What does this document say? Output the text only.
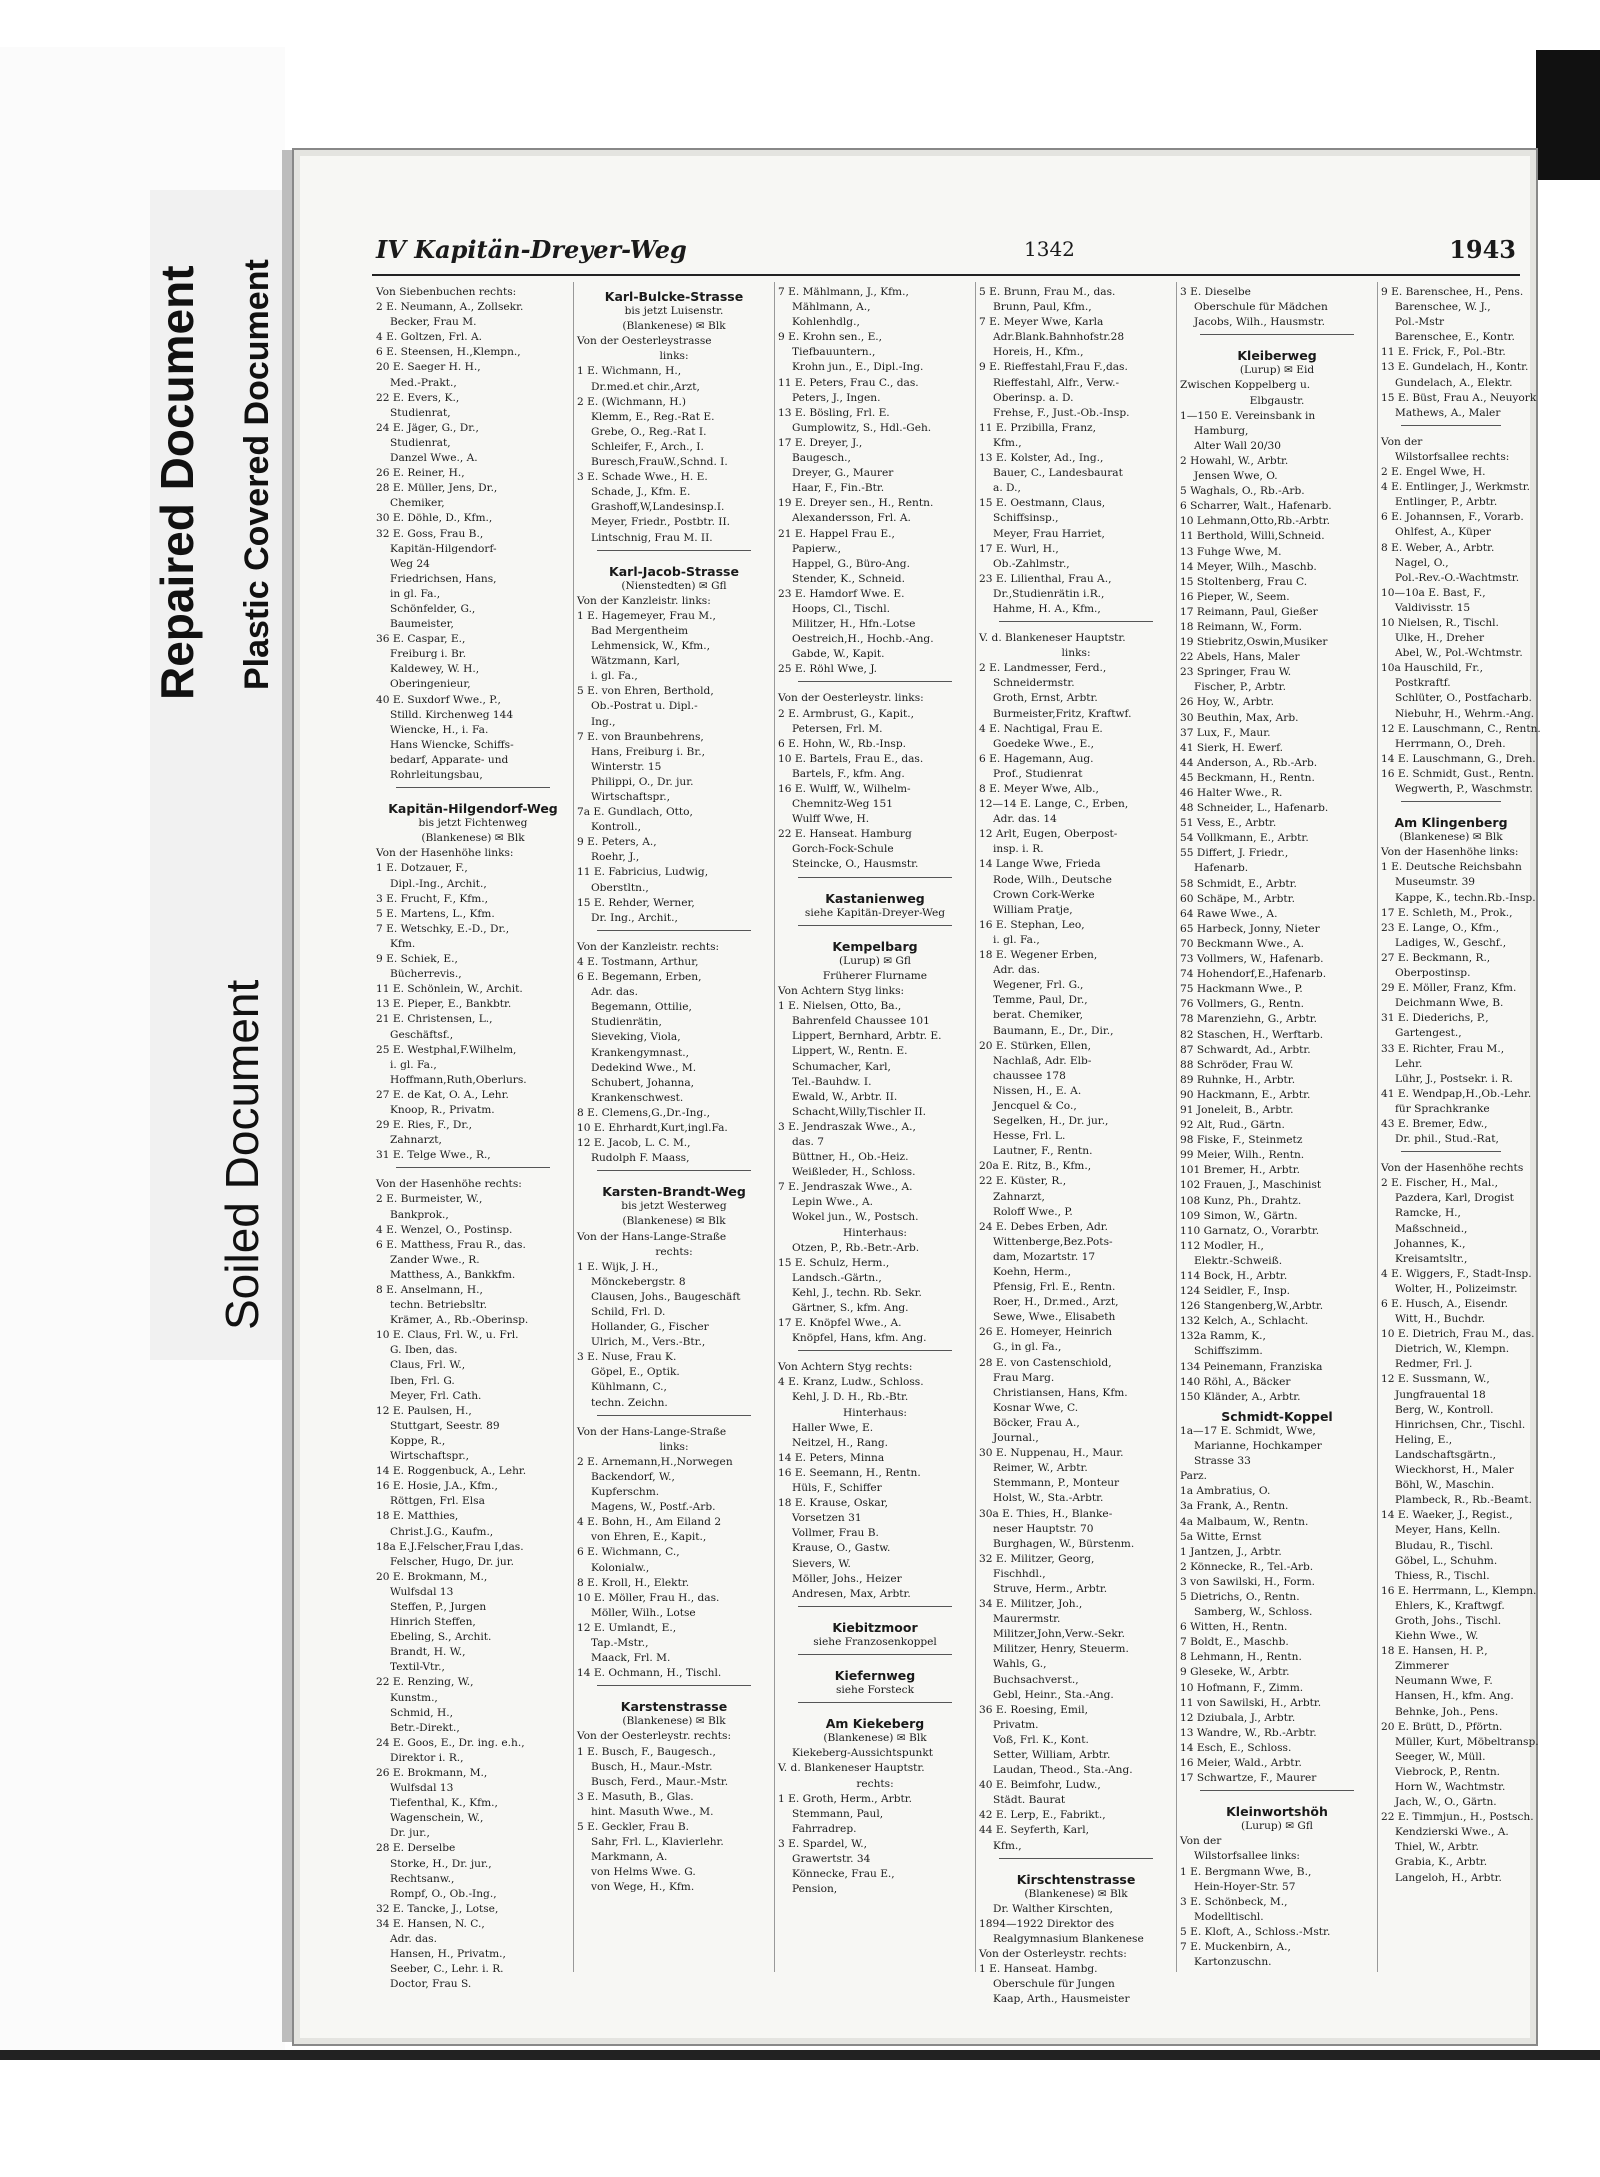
Repaired Document Plastic Covered Document
Soiled Document
IV Kapitän-Dreyer-Weg	1342	1943

Von Siebenbuchen rechts:

2 E. Neumann, A., Zollsekr.

Becker, Frau M.

4 E. Goltzen, Frl. A.

6 E. Steensen, H.,Klempn.,

20 E. Saeger H. H.,

Med.-Prakt.,

22 E. Evers, K.,

Studienrat,

24 E. Jäger, G., Dr.,

Studienrat,

Danzel Wwe., A.

26 E. Reiner, H.,

28 E. Müller, Jens, Dr.,

Chemiker,

30 E. Döhle, D., Kfm.,

32 E. Goss, Frau B.,

Kapitän-Hilgendorf-

Weg 24

Friedrichsen, Hans,

in gl. Fa.,

Schönfelder, G.,

Baumeister,

36 E. Caspar, E.,

Freiburg i. Br.

Kaldewey, W. H.,

Oberingenieur,

40 E. Suxdorf Wwe., P.,

Stilld. Kirchenweg 144

Wiencke, H., i. Fa.

Hans Wiencke, Schiffs-

bedarf, Apparate- und

Rohrleitungsbau,

Kapitän-Hilgendorf-Weg

bis jetzt Fichtenweg

(Blankenese) ✉ Blk

Von der Hasenhöhe links:

1 E. Dotzauer, F.,

Dipl.-Ing., Archit.,

3 E. Frucht, F., Kfm.,

5 E. Martens, L., Kfm.

7 E. Wetschky, E.-D., Dr.,

Kfm.

9 E. Schiek, E.,

Bücherrevis.,

11 E. Schönlein, W., Archit.

13 E. Pieper, E., Bankbtr.

21 E. Christensen, L.,

Geschäftsf.,

25 E. Westphal,F.Wilhelm,

i. gl. Fa.,

Hoffmann,Ruth,Oberlurs.

27 E. de Kat, O. A., Lehr.

Knoop, R., Privatm.

29 E. Ries, F., Dr.,

Zahnarzt,

31 E. Telge Wwe., R.,

Von der Hasenhöhe rechts:

2 E. Burmeister, W.,

Bankprok.,

4 E. Wenzel, O., Postinsp.

6 E. Matthess, Frau R., das.

Zander Wwe., R.

Matthess, A., Bankkfm.

8 E. Anselmann, H.,

techn. Betriebsltr.

Krämer, A., Rb.-Oberinsp.

10 E. Claus, Frl. W., u. Frl.

G. Iben, das.

Claus, Frl. W.,

Iben, Frl. G.

Meyer, Frl. Cath.

12 E. Paulsen, H.,

Stuttgart, Seestr. 89

Koppe, R.,

Wirtschaftspr.,

14 E. Roggenbuck, A., Lehr.

16 E. Hosie, J.A., Kfm.,

Röttgen, Frl. Elsa

18 E. Matthies,

Christ.J.G., Kaufm.,

18a E.J.Felscher,Frau I,das.

Felscher, Hugo, Dr. jur.

20 E. Brokmann, M.,

Wulfsdal 13

Steffen, P., Jurgen

Hinrich Steffen,

Ebeling, S., Archit.

Brandt, H. W.,

Textil-Vtr.,

22 E. Renzing, W.,

Kunstm.,

Schmid, H.,

Betr.-Direkt.,

24 E. Goos, E., Dr. ing. e.h.,

Direktor i. R.,

26 E. Brokmann, M.,

Wulfsdal 13

Tiefenthal, K., Kfm.,

Wagenschein, W.,

Dr. jur.,

28 E. Derselbe

Storke, H., Dr. jur.,

Rechtsanw.,

Rompf, O., Ob.-Ing.,

32 E. Tancke, J., Lotse,

34 E. Hansen, N. C.,

Adr. das.

Hansen, H., Privatm.,

Seeber, C., Lehr. i. R.

Doctor, Frau S.

Karl-Bulcke-Strasse

bis jetzt Luisenstr.

(Blankenese) ✉ Blk

Von der Oesterleystrasse

links:

1 E. Wichmann, H.,

Dr.med.et chir.,Arzt,

2 E. (Wichmann, H.)

Klemm, E., Reg.-Rat E.

Grebe, O., Reg.-Rat I.

Schleifer, F., Arch., I.

Buresch,FrauW.,Schnd. I.

3 E. Schade Wwe., H. E.

Schade, J., Kfm. E.

Grashoff,W,Landesinsp.I.

Meyer, Friedr., Postbtr. II.

Lintschnig, Frau M. II.

Karl-Jacob-Strasse

(Nienstedten) ✉ Gfl

Von der Kanzleistr. links:

1 E. Hagemeyer, Frau M.,

Bad Mergentheim

Lehmensick, W., Kfm.,

Wätzmann, Karl,

i. gl. Fa.,

5 E. von Ehren, Berthold,

Ob.-Postrat u. Dipl.-

Ing.,

7 E. von Braunbehrens,

Hans, Freiburg i. Br.,

Winterstr. 15

Philippi, O., Dr. jur.

Wirtschaftspr.,

7a E. Gundlach, Otto,

Kontroll.,

9 E. Peters, A.,

Roehr, J.,

11 E. Fabricius, Ludwig,

Oberstltn.,

15 E. Rehder, Werner,

Dr. Ing., Archit.,

Von der Kanzleistr. rechts:

4 E. Tostmann, Arthur,

6 E. Begemann, Erben,

Adr. das.

Begemann, Ottilie,

Studienrätin,

Sieveking, Viola,

Krankengymnast.,

Dedekind Wwe., M.

Schubert, Johanna,

Krankenschwest.

8 E. Clemens,G.,Dr.-Ing.,

10 E. Ehrhardt,Kurt,ingl.Fa.

12 E. Jacob, L. C. M.,

Rudolph F. Maass,

Karsten-Brandt-Weg

bis jetzt Westerweg

(Blankenese) ✉ Blk

Von der Hans-Lange-Straße

rechts:

1 E. Wijk, J. H.,

Mönckebergstr. 8

Clausen, Johs., Baugeschäft

Schild, Frl. D.

Hollander, G., Fischer

Ulrich, M., Vers.-Btr.,

3 E. Nuse, Frau K.

Göpel, E., Optik.

Kühlmann, C.,

techn. Zeichn.

Von der Hans-Lange-Straße

links:

2 E. Arnemann,H.,Norwegen

Backendorf, W.,

Kupferschm.

Magens, W., Postf.-Arb.

4 E. Bohn, H., Am Eiland 2

von Ehren, E., Kapit.,

6 E. Wichmann, C.,

Kolonialw.,

8 E. Kroll, H., Elektr.

10 E. Möller, Frau H., das.

Möller, Wilh., Lotse

12 E. Umlandt, E.,

Tap.-Mstr.,

Maack, Frl. M.

14 E. Ochmann, H., Tischl.

Karstenstrasse

(Blankenese) ✉ Blk

Von der Oesterleystr. rechts:

1 E. Busch, F., Baugesch.,

Busch, H., Maur.-Mstr.

Busch, Ferd., Maur.-Mstr.

3 E. Masuth, B., Glas.

hint. Masuth Wwe., M.

5 E. Geckler, Frau B.

Sahr, Frl. L., Klavierlehr.

Markmann, A.

von Helms Wwe. G.

von Wege, H., Kfm.

7 E. Mählmann, J., Kfm.,

Mählmann, A.,

Kohlenhdlg.,

9 E. Krohn sen., E.,

Tiefbauuntern.,

Krohn jun., E., Dipl.-Ing.

11 E. Peters, Frau C., das.

Peters, J., Ingen.

13 E. Bösling, Frl. E.

Gumplowitz, S., Hdl.-Geh.

17 E. Dreyer, J.,

Baugesch.,

Dreyer, G., Maurer

Haar, F., Fin.-Btr.

19 E. Dreyer sen., H., Rentn.

Alexandersson, Frl. A.

21 E. Happel Frau E.,

Papierw.,

Happel, G., Büro-Ang.

Stender, K., Schneid.

23 E. Hamdorf Wwe. E.

Hoops, Cl., Tischl.

Militzer, H., Hfn.-Lotse

Oestreich,H., Hochb.-Ang.

Gabde, W., Kapit.

25 E. Röhl Wwe, J.

Von der Oesterleystr. links:

2 E. Armbrust, G., Kapit.,

Petersen, Frl. M.

6 E. Hohn, W., Rb.-Insp.

10 E. Bartels, Frau E., das.

Bartels, F., kfm. Ang.

16 E. Wulff, W., Wilhelm-

Chemnitz-Weg 151

Wulff Wwe, H.

22 E. Hanseat. Hamburg

Gorch-Fock-Schule

Steincke, O., Hausmstr.

Kastanienweg

siehe Kapitän-Dreyer-Weg

Kempelbarg

(Lurup) ✉ Gfl

Früherer Flurname

Von Achtern Styg links:

1 E. Nielsen, Otto, Ba.,

Bahrenfeld Chaussee 101

Lippert, Bernhard, Arbtr. E.

Lippert, W., Rentn. E.

Schumacher, Karl,

Tel.-Bauhdw. I.

Ewald, W., Arbtr. II.

Schacht,Willy,Tischler II.

3 E. Jendraszak Wwe., A.,

das. 7

Büttner, H., Ob.-Heiz.

Weißleder, H., Schloss.

7 E. Jendraszak Wwe., A.

Lepin Wwe., A.

Wokel jun., W., Postsch.

Hinterhaus:

Otzen, P., Rb.-Betr.-Arb.

15 E. Schulz, Herm.,

Landsch.-Gärtn.,

Kehl, J., techn. Rb. Sekr.

Gärtner, S., kfm. Ang.

17 E. Knöpfel Wwe., A.

Knöpfel, Hans, kfm. Ang.

Von Achtern Styg rechts:

4 E. Kranz, Ludw., Schloss.

Kehl, J. D. H., Rb.-Btr.

Hinterhaus:

Haller Wwe, E.

Neitzel, H., Rang.

14 E. Peters, Minna

16 E. Seemann, H., Rentn.

Hüls, F., Schiffer

18 E. Krause, Oskar,

Vorsetzen 31

Vollmer, Frau B.

Krause, O., Gastw.

Sievers, W.

Möller, Johs., Heizer

Andresen, Max, Arbtr.

Kiebitzmoor

siehe Franzosenkoppel

Kiefernweg

siehe Forsteck

Am Kiekeberg

(Blankenese) ✉ Blk

Kiekeberg-Aussichtspunkt

V. d. Blankeneser Hauptstr.

rechts:

1 E. Groth, Herm., Arbtr.

Stemmann, Paul,

Fahrradrep.

3 E. Spardel, W.,

Grawertstr. 34

Könnecke, Frau E.,

Pension,

5 E. Brunn, Frau M., das.

Brunn, Paul, Kfm.,

7 E. Meyer Wwe, Karla

Adr.Blank.Bahnhofstr.28

Horeis, H., Kfm.,

9 E. Rieffestahl,Frau F.,das.

Rieffestahl, Alfr., Verw.-

Oberinsp. a. D.

Frehse, F., Just.-Ob.-Insp.

11 E. Przibilla, Franz,

Kfm.,

13 E. Kolster, Ad., Ing.,

Bauer, C., Landesbaurat

a. D.,

15 E. Oestmann, Claus,

Schiffsinsp.,

Meyer, Frau Harriet,

17 E. Wurl, H.,

Ob.-Zahlmstr.,

23 E. Lilienthal, Frau A.,

Dr.,Studienrätin i.R.,

Hahme, H. A., Kfm.,

V. d. Blankeneser Hauptstr.

links:

2 E. Landmesser, Ferd.,

Schneidermstr.

Groth, Ernst, Arbtr.

Burmeister,Fritz, Kraftwf.

4 E. Nachtigal, Frau E.

Goedeke Wwe., E.,

6 E. Hagemann, Aug.

Prof., Studienrat

8 E. Meyer Wwe, Alb.,

12—14 E. Lange, C., Erben,

Adr. das. 14

12 Arlt, Eugen, Oberpost-

insp. i. R.

14 Lange Wwe, Frieda

Rode, Wilh., Deutsche

Crown Cork-Werke

William Pratje,

16 E. Stephan, Leo,

i. gl. Fa.,

18 E. Wegener Erben,

Adr. das.

Wegener, Frl. G.,

Temme, Paul, Dr.,

berat. Chemiker,

Baumann, E., Dr., Dir.,

20 E. Stürken, Ellen,

Nachlaß, Adr. Elb-

chaussee 178

Nissen, H., E. A.

Jencquel & Co.,

Segelken, H., Dr. jur.,

Hesse, Frl. L.

Lautner, F., Rentn.

20a E. Ritz, B., Kfm.,

22 E. Küster, R.,

Zahnarzt,

Roloff Wwe., P.

24 E. Debes Erben, Adr.

Wittenberge,Bez.Pots-

dam, Mozartstr. 17

Koehn, Herm.,

Pfensig, Frl. E., Rentn.

Roer, H., Dr.med., Arzt,

Sewe, Wwe., Elisabeth

26 E. Homeyer, Heinrich

G., in gl. Fa.,

28 E. von Castenschiold,

Frau Marg.

Christiansen, Hans, Kfm.

Kosnar Wwe, C.

Böcker, Frau A.,

Journal.,

30 E. Nuppenau, H., Maur.

Reimer, W., Arbtr.

Stemmann, P., Monteur

Holst, W., Sta.-Arbtr.

30a E. Thies, H., Blanke-

neser Hauptstr. 70

Burghagen, W., Bürstenm.

32 E. Militzer, Georg,

Fischhdl.,

Struve, Herm., Arbtr.

34 E. Militzer, Joh.,

Maurermstr.

Militzer,John,Verw.-Sekr.

Militzer, Henry, Steuerm.

Wahls, G.,

Buchsachverst.,

Gebl, Heinr., Sta.-Ang.

36 E. Roesing, Emil,

Privatm.

Voß, Frl. K., Kont.

Setter, William, Arbtr.

Laudan, Theod., Sta.-Ang.

40 E. Beimfohr, Ludw.,

Städt. Baurat

42 E. Lerp, E., Fabrikt.,

44 E. Seyferth, Karl,

Kfm.,

Kirschtenstrasse

(Blankenese) ✉ Blk

Dr. Walther Kirschten,

1894—1922 Direktor des

Realgymnasium Blankenese

Von der Osterleystr. rechts:

1 E. Hanseat. Hambg.

Oberschule für Jungen

Kaap, Arth., Hausmeister

3 E. Dieselbe

Oberschule für Mädchen

Jacobs, Wilh., Hausmstr.

Kleiberweg

(Lurup) ✉ Eid

Zwischen Koppelberg u.

Elbgaustr.

1—150 E. Vereinsbank in

Hamburg,

Alter Wall 20/30

2 Howahl, W., Arbtr.

Jensen Wwe, O.

5 Waghals, O., Rb.-Arb.

6 Scharrer, Walt., Hafenarb.

10 Lehmann,Otto,Rb.-Arbtr.

11 Berthold, Willi,Schneid.

13 Fuhge Wwe, M.

14 Meyer, Wilh., Maschb.

15 Stoltenberg, Frau C.

16 Pieper, W., Seem.

17 Reimann, Paul, Gießer

18 Reimann, W., Form.

19 Stiebritz,Oswin,Musiker

22 Abels, Hans, Maler

23 Springer, Frau W.

Fischer, P., Arbtr.

26 Hoy, W., Arbtr.

30 Beuthin, Max, Arb.

37 Lux, F., Maur.

41 Sierk, H. Ewerf.

44 Anderson, A., Rb.-Arb.

45 Beckmann, H., Rentn.

46 Halter Wwe., R.

48 Schneider, L., Hafenarb.

51 Vess, E., Arbtr.

54 Vollkmann, E., Arbtr.

55 Differt, J. Friedr.,

Hafenarb.

58 Schmidt, E., Arbtr.

60 Schäpe, M., Arbtr.

64 Rawe Wwe., A.

65 Harbeck, Jonny, Nieter

70 Beckmann Wwe., A.

73 Vollmers, W., Hafenarb.

74 Hohendorf,E.,Hafenarb.

75 Hackmann Wwe., P.

76 Vollmers, G., Rentn.

78 Marenziehn, G., Arbtr.

82 Staschen, H., Werftarb.

87 Schwardt, Ad., Arbtr.

88 Schröder, Frau W.

89 Ruhnke, H., Arbtr.

90 Hackmann, E., Arbtr.

91 Joneleit, B., Arbtr.

92 Alt, Rud., Gärtn.

98 Fiske, F., Steinmetz

99 Meier, Wilh., Rentn.

101 Bremer, H., Arbtr.

102 Frauen, J., Maschinist

108 Kunz, Ph., Drahtz.

109 Simon, W., Gärtn.

110 Garnatz, O., Vorarbtr.

112 Modler, H.,

Elektr.-Schweiß.

114 Bock, H., Arbtr.

124 Seidler, F., Insp.

126 Stangenberg,W.,Arbtr.

132 Kelch, A., Schlacht.

132a Ramm, K.,

Schiffszimm.

134 Peinemann, Franziska

140 Röhl, A., Bäcker

150 Kländer, A., Arbtr.

Schmidt-Koppel

1a—17 E. Schmidt, Wwe,

Marianne, Hochkamper

Strasse 33

Parz.

1a Ambratius, O.

3a Frank, A., Rentn.

4a Malbaum, W., Rentn.

5a Witte, Ernst

1 Jantzen, J., Arbtr.

2 Könnecke, R., Tel.-Arb.

3 von Sawilski, H., Form.

5 Dietrichs, O., Rentn.

Samberg, W., Schloss.

6 Witten, H., Rentn.

7 Boldt, E., Maschb.

8 Lehmann, H., Rentn.

9 Gleseke, W., Arbtr.

10 Hofmann, F., Zimm.

11 von Sawilski, H., Arbtr.

12 Dziubala, J., Arbtr.

13 Wandre, W., Rb.-Arbtr.

14 Esch, E., Schloss.

16 Meier, Wald., Arbtr.

17 Schwartze, F., Maurer

Kleinwortshöh

(Lurup) ✉ Gfl

Von der

Wilstorfsallee links:

1 E. Bergmann Wwe, B.,

Hein-Hoyer-Str. 57

3 E. Schönbeck, M.,

Modelltischl.

5 E. Kloft, A., Schloss.-Mstr.

7 E. Muckenbirn, A.,

Kartonzuschn.

9 E. Barenschee, H., Pens.

Barenschee, W. J.,

Pol.-Mstr

Barenschee, E., Kontr.

11 E. Frick, F., Pol.-Btr.

13 E. Gundelach, H., Kontr.

Gundelach, A., Elektr.

15 E. Büst, Frau A., Neuyork

Mathews, A., Maler

Von der

Wilstorfsallee rechts:

2 E. Engel Wwe, H.

4 E. Entlinger, J., Werkmstr.

Entlinger, P., Arbtr.

6 E. Johannsen, F., Vorarb.

Ohlfest, A., Küper

8 E. Weber, A., Arbtr.

Nagel, O.,

Pol.-Rev.-O.-Wachtmstr.

10—10a E. Bast, F.,

Valdivisstr. 15

10 Nielsen, R., Tischl.

Ulke, H., Dreher

Abel, W., Pol.-Wchtmstr.

10a Hauschild, Fr.,

Postkraftf.

Schlüter, O., Postfacharb.

Niebuhr, H., Wehrm.-Ang.

12 E. Lauschmann, C., Rentn.

Herrmann, O., Dreh.

14 E. Lauschmann, G., Dreh.

16 E. Schmidt, Gust., Rentn.

Wegwerth, P., Waschmstr.

Am Klingenberg

(Blankenese) ✉ Blk

Von der Hasenhöhe links:

1 E. Deutsche Reichsbahn

Museumstr. 39

Kappe, K., techn.Rb.-Insp.

17 E. Schleth, M., Prok.,

23 E. Lange, O., Kfm.,

Ladiges, W., Geschf.,

27 E. Beckmann, R.,

Oberpostinsp.

29 E. Möller, Franz, Kfm.

Deichmann Wwe, B.

31 E. Diederichs, P.,

Gartengest.,

33 E. Richter, Frau M.,

Lehr.

Lühr, J., Postsekr. i. R.

41 E. Wendpap,H.,Ob.-Lehr.

für Sprachkranke

43 E. Bremer, Edw.,

Dr. phil., Stud.-Rat,

Von der Hasenhöhe rechts

2 E. Fischer, H., Mal.,

Pazdera, Karl, Drogist

Ramcke, H.,

Maßschneid.,

Johannes, K.,

Kreisamtsltr.,

4 E. Wiggers, F., Stadt-Insp.

Wolter, H., Polizeimstr.

6 E. Husch, A., Eisendr.

Witt, H., Buchdr.

10 E. Dietrich, Frau M., das.

Dietrich, W., Klempn.

Redmer, Frl. J.

12 E. Sussmann, W.,

Jungfrauental 18

Berg, W., Kontroll.

Hinrichsen, Chr., Tischl.

Heling, E.,

Landschaftsgärtn.,

Wieckhorst, H., Maler

Böhl, W., Maschin.

Plambeck, R., Rb.-Beamt.

14 E. Waeker, J., Regist.,

Meyer, Hans, Kelln.

Bludau, R., Tischl.

Göbel, L., Schuhm.

Thiess, R., Tischl.

16 E. Herrmann, L., Klempn.

Ehlers, K., Kraftwgf.

Groth, Johs., Tischl.

Kiehn Wwe., W.

18 E. Hansen, H. P.,

Zimmerer

Neumann Wwe, F.

Hansen, H., kfm. Ang.

Behnke, Joh., Pens.

20 E. Brütt, D., Pförtn.

Müller, Kurt, Möbeltransp.

Seeger, W., Müll.

Viebrock, P., Rentn.

Horn W., Wachtmstr.

Jach, W., O., Gärtn.

22 E. Timmjun., H., Postsch.

Kendzierski Wwe., A.

Thiel, W., Arbtr.

Grabia, K., Arbtr.

Langeloh, H., Arbtr.
